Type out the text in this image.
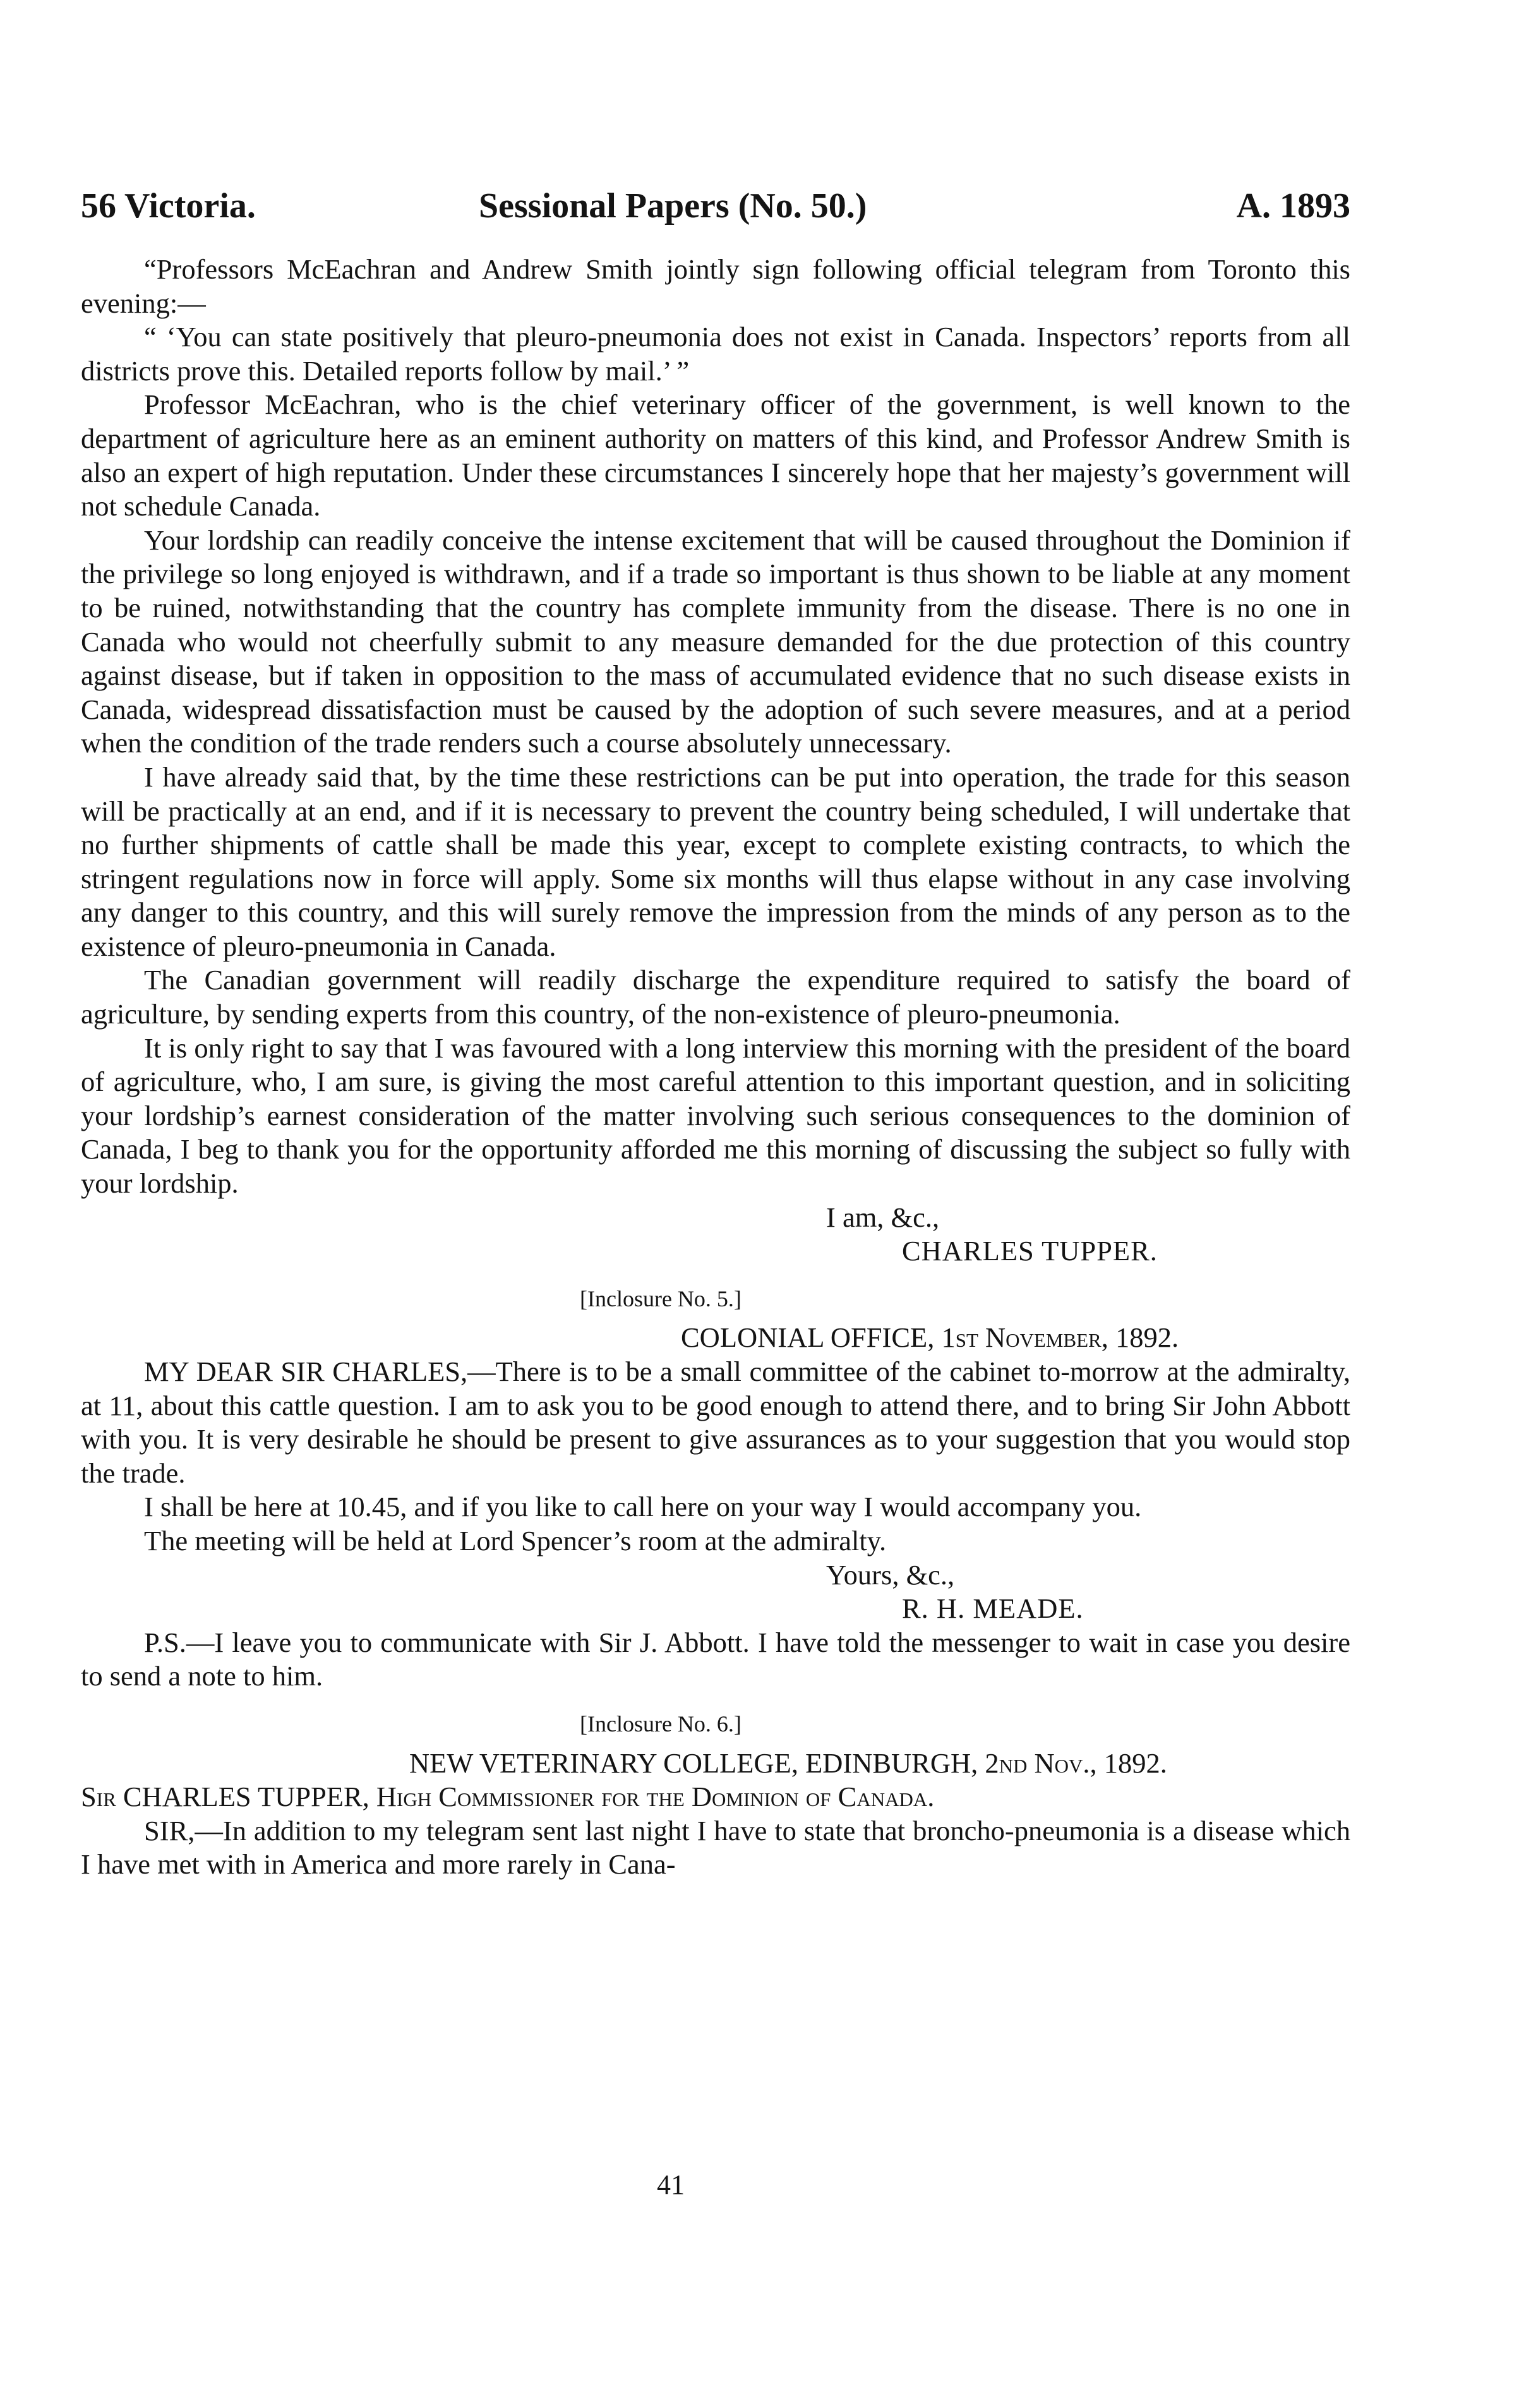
56 Victoria.	Sessional Papers (No. 50.)	A. 1893

“Professors McEachran and Andrew Smith jointly sign following official telegram from Toronto this evening:—

“ ‘You can state positively that pleuro-pneumonia does not exist in Canada. Inspectors’ reports from all districts prove this. Detailed reports follow by mail.’ ”

Professor McEachran, who is the chief veterinary officer of the government, is well known to the department of agriculture here as an eminent authority on matters of this kind, and Professor Andrew Smith is also an expert of high reputation. Under these circumstances I sincerely hope that her majesty’s government will not schedule Canada.

Your lordship can readily conceive the intense excitement that will be caused throughout the Dominion if the privilege so long enjoyed is withdrawn, and if a trade so important is thus shown to be liable at any moment to be ruined, notwithstanding that the country has complete immunity from the disease. There is no one in Canada who would not cheerfully submit to any measure demanded for the due protection of this country against disease, but if taken in opposition to the mass of accumulated evidence that no such disease exists in Canada, widespread dissatisfaction must be caused by the adoption of such severe measures, and at a period when the condition of the trade renders such a course absolutely unnecessary.

I have already said that, by the time these restrictions can be put into operation, the trade for this season will be practically at an end, and if it is necessary to prevent the country being scheduled, I will undertake that no further shipments of cattle shall be made this year, except to complete existing contracts, to which the stringent regulations now in force will apply. Some six months will thus elapse without in any case involving any danger to this country, and this will surely remove the impression from the minds of any person as to the existence of pleuro-pneumonia in Canada.

The Canadian government will readily discharge the expenditure required to satisfy the board of agriculture, by sending experts from this country, of the non-existence of pleuro-pneumonia.

It is only right to say that I was favoured with a long interview this morning with the president of the board of agriculture, who, I am sure, is giving the most careful attention to this important question, and in soliciting your lordship’s earnest consideration of the matter involving such serious consequences to the dominion of Canada, I beg to thank you for the opportunity afforded me this morning of discussing the subject so fully with your lordship.

I am, &c.,

CHARLES TUPPER.

[Inclosure No. 5.]

COLONIAL OFFICE, 1st November, 1892.

MY DEAR SIR CHARLES,—There is to be a small committee of the cabinet to-morrow at the admiralty, at 11, about this cattle question. I am to ask you to be good enough to attend there, and to bring Sir John Abbott with you. It is very desirable he should be present to give assurances as to your suggestion that you would stop the trade.

I shall be here at 10.45, and if you like to call here on your way I would accompany you.

The meeting will be held at Lord Spencer’s room at the admiralty.

Yours, &c.,

R. H. MEADE.

P.S.—I leave you to communicate with Sir J. Abbott. I have told the messenger to wait in case you desire to send a note to him.

[Inclosure No. 6.]

NEW VETERINARY COLLEGE, EDINBURGH, 2nd Nov., 1892.

Sir CHARLES TUPPER, High Commissioner for the Dominion of Canada.

SIR,—In addition to my telegram sent last night I have to state that broncho-pneumonia is a disease which I have met with in America and more rarely in Cana-

41
